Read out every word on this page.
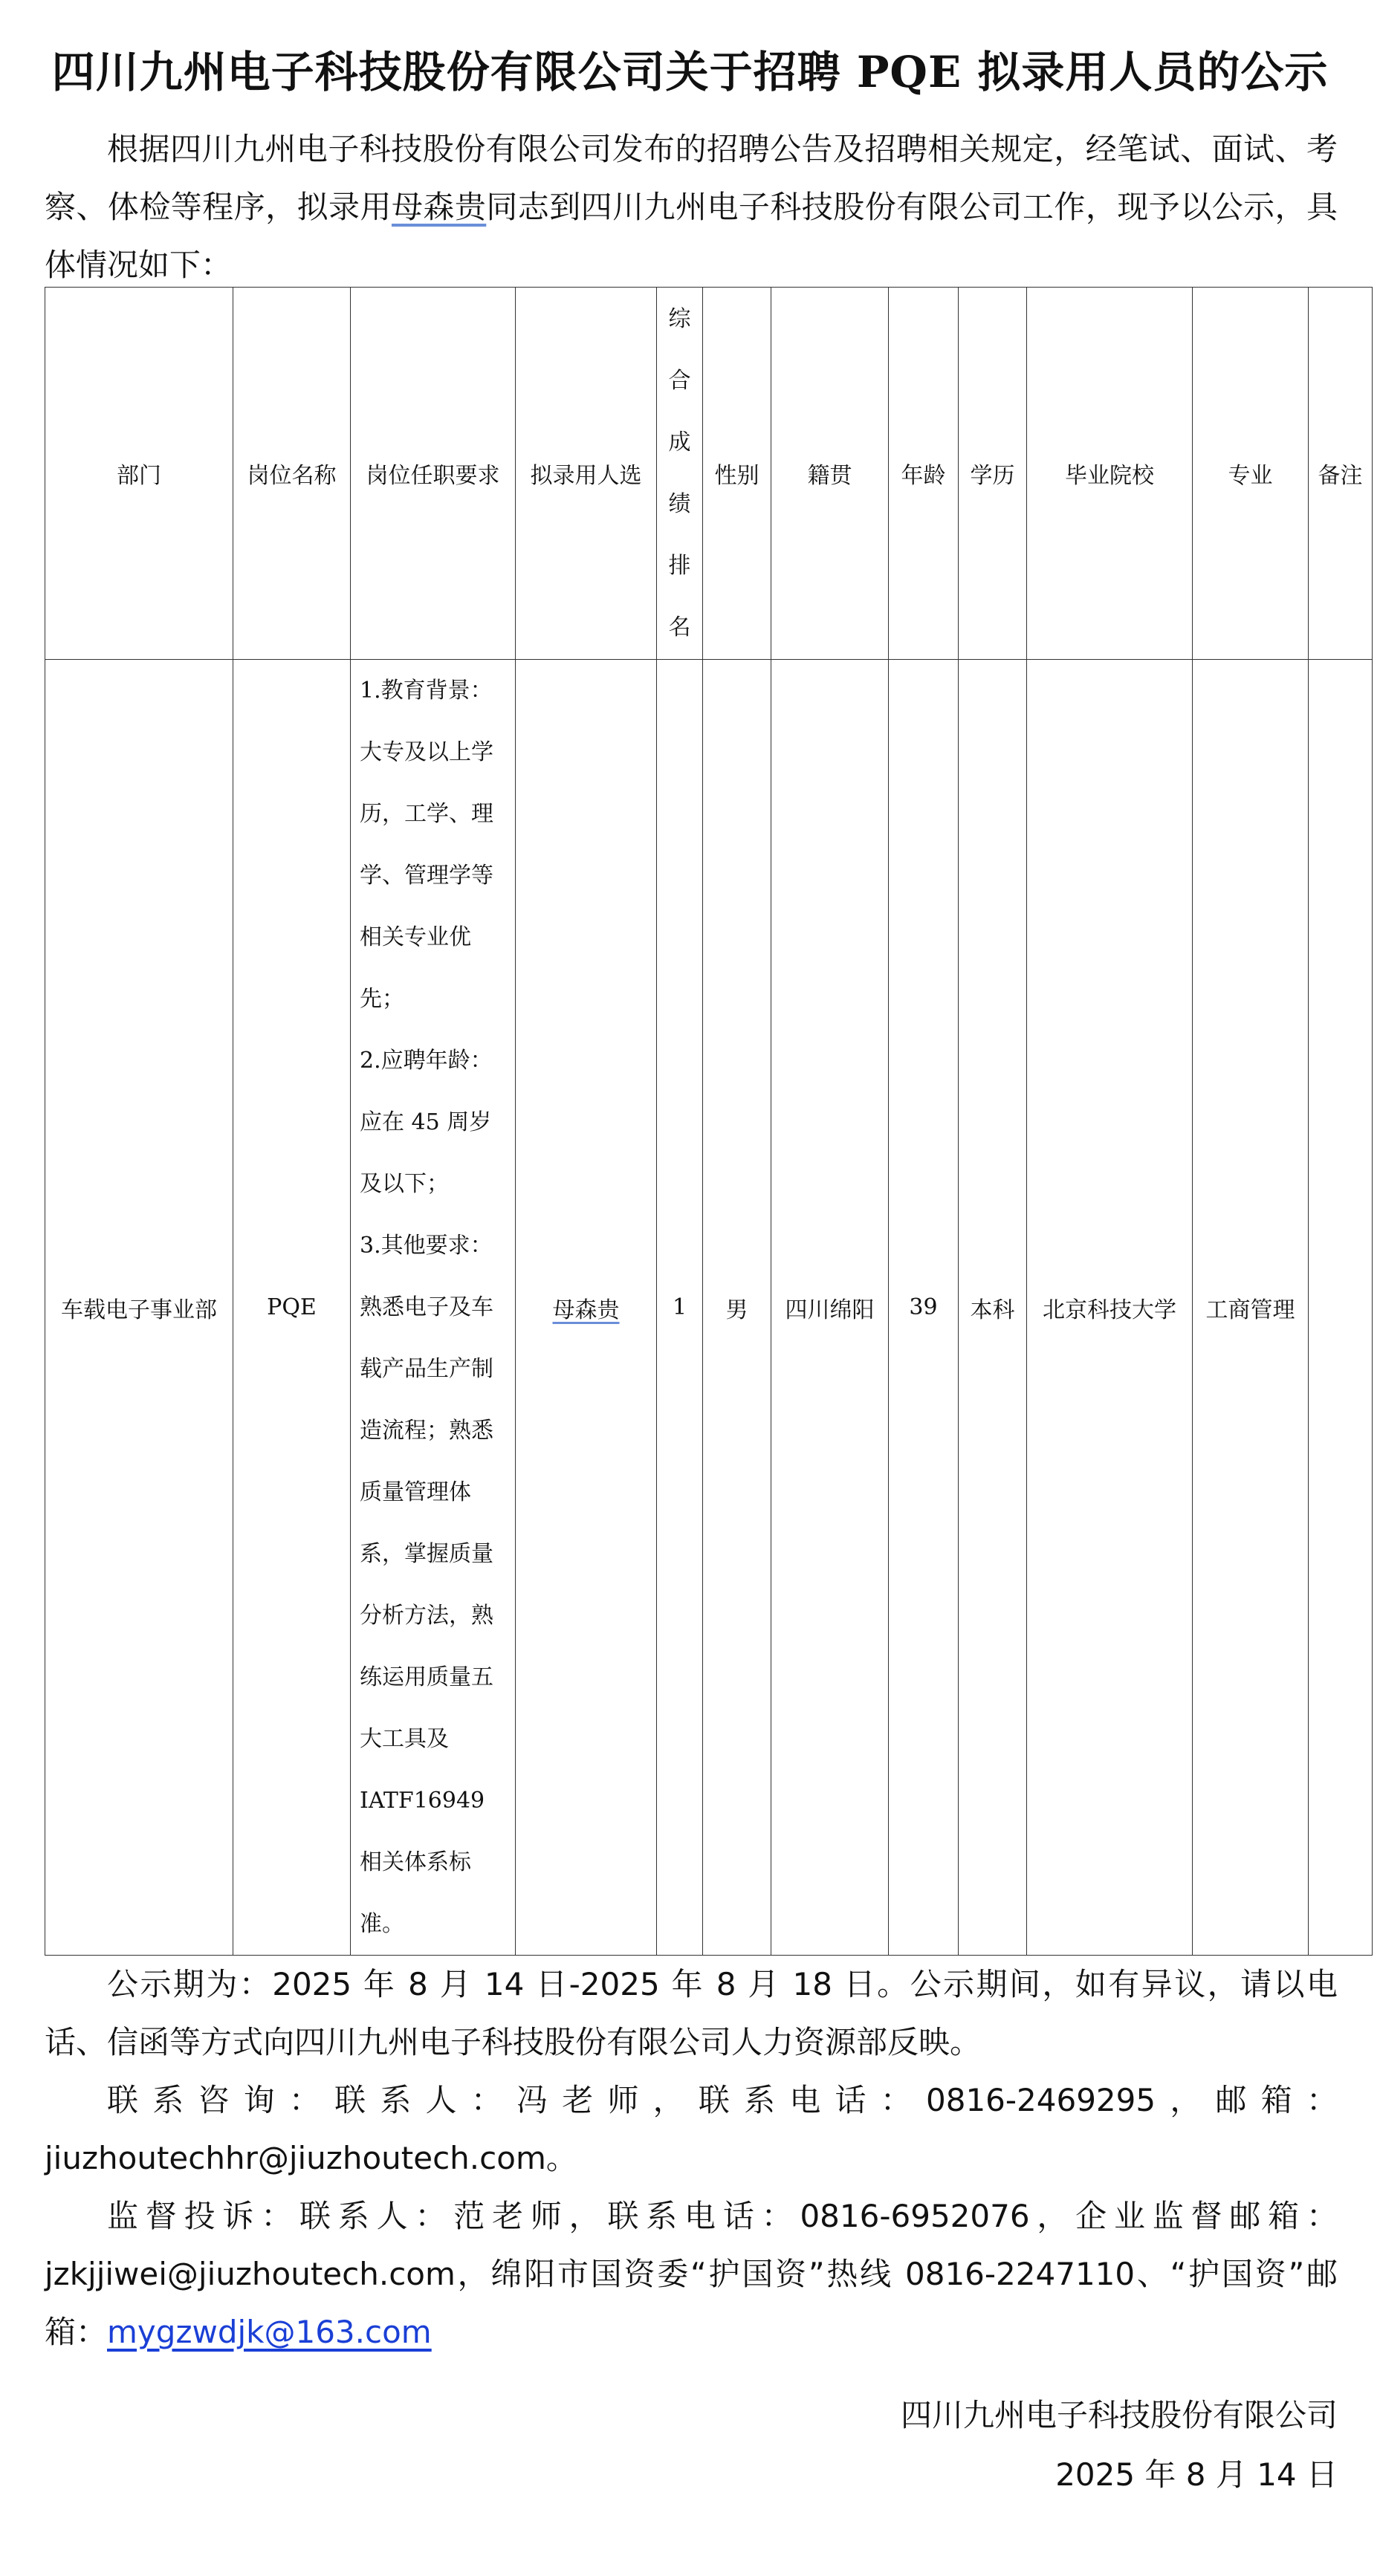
四川九州电子科技股份有限公司关于招聘 PQE 拟录用人员的公示
根据四川九州电子科技股份有限公司发布的招聘公告及招聘相关规定，经笔试、面试、考察、体检等程序，拟录用母森贵同志到四川九州电子科技股份有限公司工作，现予以公示，具体情况如下：
部门	岗位名称	岗位任职要求	拟录用人选	综合成绩排名	性别	籍贯	年龄	学历	毕业院校	专业	备注
车载电子事业部	PQE	1.教育背景：大专及以上学历，工学、理学、管理学等相关专业优先；
2.应聘年龄：应在 45 周岁及以下；
3.其他要求：熟悉电子及车载产品生产制造流程；熟悉质量管理体系，掌握质量分析方法，熟练运用质量五大工具及 IATF16949 相关体系标准。	母森贵	1	男	四川绵阳	39	本科	北京科技大学	工商管理	
公示期为：2025 年 8 月 14 日-2025 年 8 月 18 日。公示期间，如有异议，请以电话、信函等方式向四川九州电子科技股份有限公司人力资源部反映。
联系咨询：联系人：冯老师，联系电话：0816-2469295，邮箱：jiuzhoutechhr@jiuzhoutech.com。
监督投诉：联系人：范老师，联系电话：0816-6952076，企业监督邮箱：jzkjjiwei@jiuzhoutech.com，绵阳市国资委“护国资”热线 0816-2247110、“护国资”邮箱：mygzwdjk@163.com
四川九州电子科技股份有限公司
2025 年 8 月 14 日
